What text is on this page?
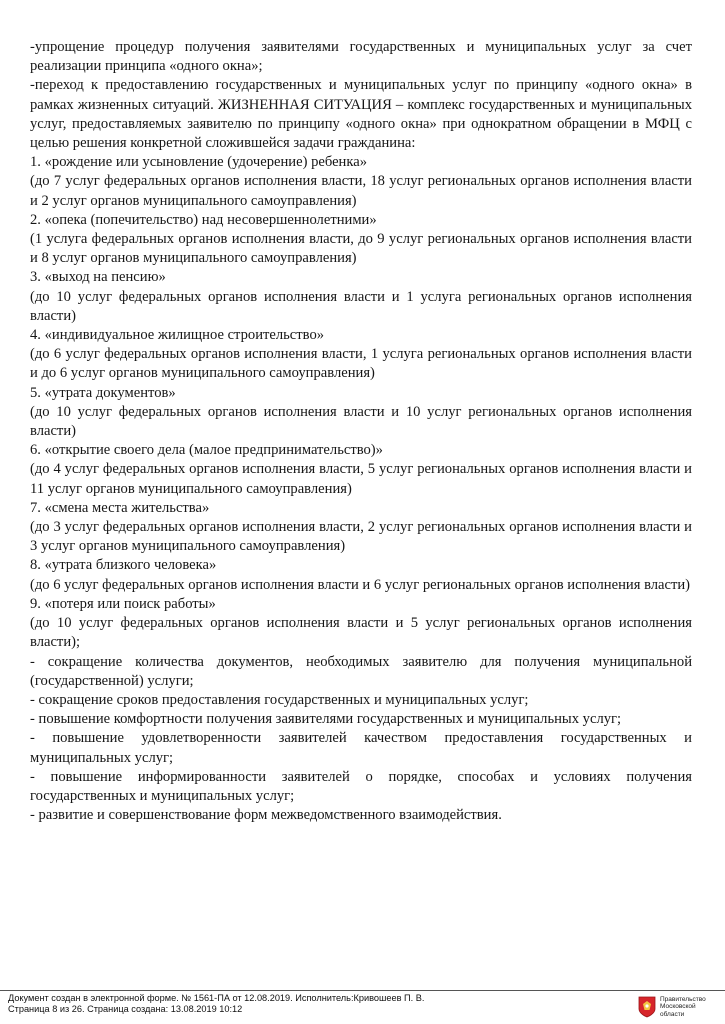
-упрощение процедур получения заявителями государственных и муниципальных услуг за счет реализации принципа «одного окна»;

-переход к предоставлению государственных и муниципальных услуг по принципу «одного окна» в рамках жизненных ситуаций. ЖИЗНЕННАЯ СИТУАЦИЯ – комплекс государственных и муниципальных услуг, предоставляемых заявителю по принципу «одного окна» при однократном обращении в МФЦ с целью решения конкретной сложившейся задачи гражданина:

1. «рождение или усыновление (удочерение) ребенка»

(до 7 услуг федеральных органов исполнения власти, 18 услуг региональных органов исполнения власти и 2 услуг органов муниципального самоуправления)

2. «опека (попечительство) над несовершеннолетними»

(1 услуга федеральных органов исполнения власти, до 9 услуг региональных органов исполнения власти и 8 услуг органов муниципального самоуправления)

3. «выход на пенсию»

(до 10 услуг федеральных органов исполнения власти и 1 услуга региональных органов исполнения власти)

4. «индивидуальное жилищное строительство»

(до 6 услуг федеральных органов исполнения власти, 1 услуга региональных органов исполнения власти и до 6 услуг органов муниципального самоуправления)

5. «утрата документов»

(до 10 услуг федеральных органов исполнения власти и 10 услуг региональных органов исполнения власти)

6. «открытие своего дела (малое предпринимательство)»

(до 4 услуг федеральных органов исполнения власти, 5 услуг региональных органов исполнения власти и 11 услуг органов муниципального самоуправления)

7. «смена места жительства»

(до 3 услуг федеральных органов исполнения власти, 2 услуг региональных органов исполнения власти и 3 услуг органов муниципального самоуправления)

8. «утрата близкого человека»

(до 6 услуг федеральных органов исполнения власти и 6 услуг региональных органов исполнения власти)

9. «потеря или поиск работы»

(до 10 услуг федеральных органов исполнения власти и 5 услуг региональных органов исполнения власти);

- сокращение количества документов, необходимых заявителю для получения муниципальной (государственной) услуги;

- сокращение сроков предоставления государственных и муниципальных услуг;

- повышение комфортности получения заявителями государственных и муниципальных услуг;

- повышение удовлетворенности заявителей качеством предоставления государственных и муниципальных услуг;

- повышение информированности заявителей о порядке, способах и условиях получения государственных и муниципальных услуг;

- развитие и совершенствование форм межведомственного взаимодействия.

Документ создан в электронной форме. № 1561-ПА от 12.08.2019. Исполнитель:Кривошеев П. В.
Страница 8 из 26. Страница создана: 13.08.2019 10:12
Правительство
Московской области
